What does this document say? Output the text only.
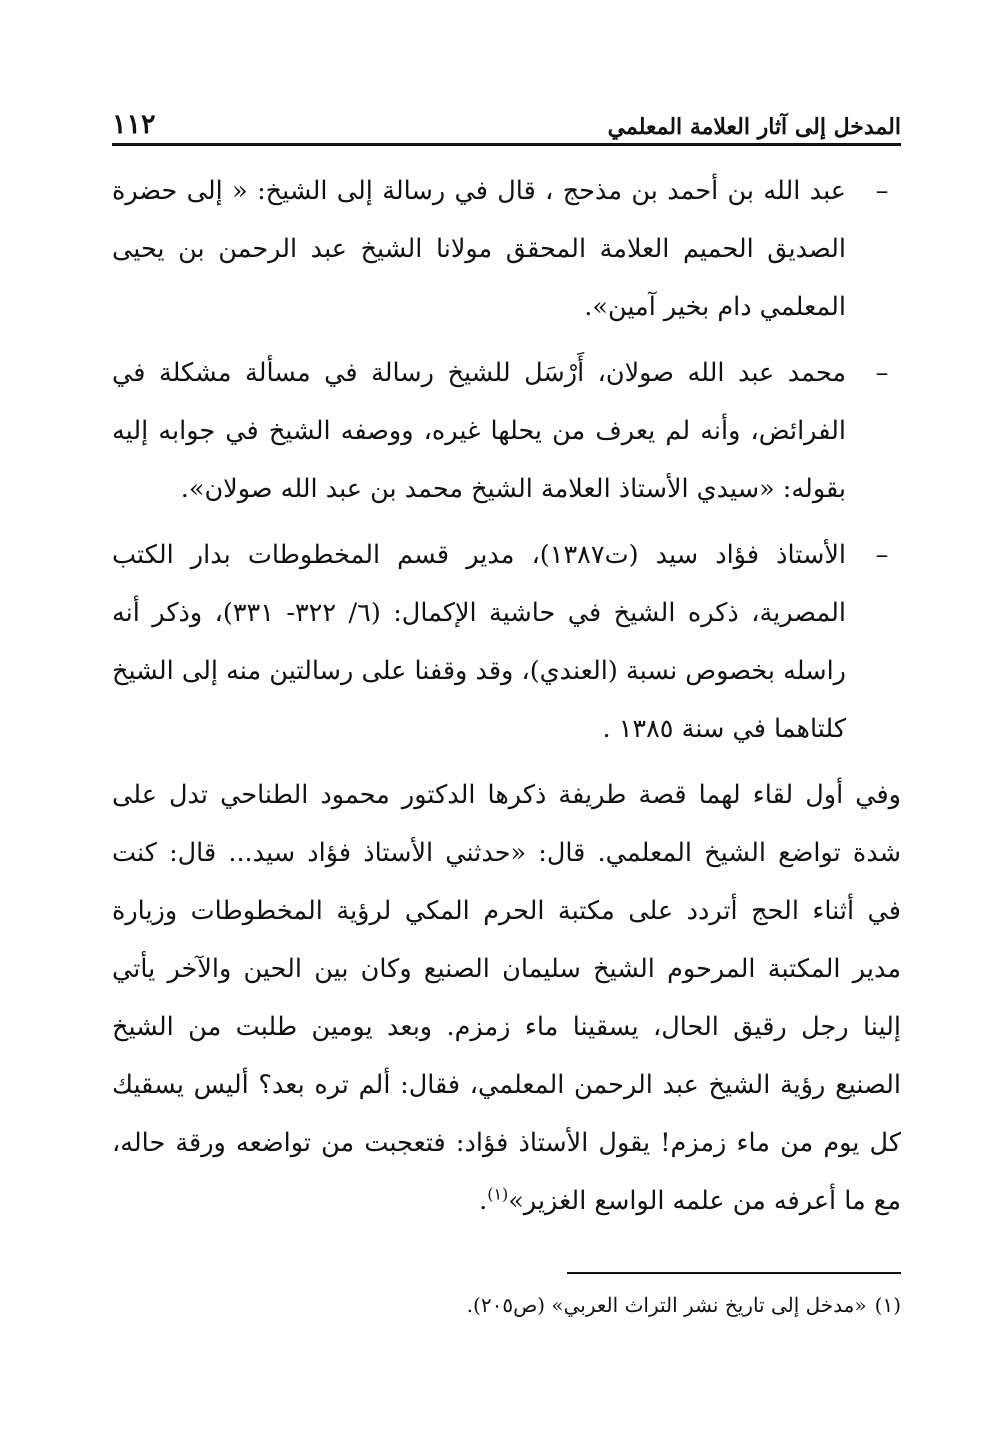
المدخل إلى آثار العلامة المعلمي
١١٢
–

عبد الله بن أحمد بن مذحج ، قال في رسالة إلى الشيخ: « إلى حضرة الصديق الحميم العلامة المحقق مولانا الشيخ عبد الرحمن بن يحيى المعلمي دام بخير آمين».

–

محمد عبد الله صولان، أَرْسَل للشيخ رسالة في مسألة مشكلة في الفرائض، وأنه لم يعرف من يحلها غيره، ووصفه الشيخ في جوابه إليه بقوله: «سيدي الأستاذ العلامة الشيخ محمد بن عبد الله صولان».

–

الأستاذ فؤاد سيد (ت١٣٨٧)، مدير قسم المخطوطات بدار الكتب المصرية، ذكره الشيخ في حاشية الإكمال: (٦/ ٣٢٢- ٣٣١)، وذكر أنه راسله بخصوص نسبة (العندي)، وقد وقفنا على رسالتين منه إلى الشيخ كلتاهما في سنة ١٣٨٥ .

وفي أول لقاء لهما قصة طريفة ذكرها الدكتور محمود الطناحي تدل على شدة تواضع الشيخ المعلمي. قال: «حدثني الأستاذ فؤاد سيد... قال: كنت في أثناء الحج أتردد على مكتبة الحرم المكي لرؤية المخطوطات وزيارة مدير المكتبة المرحوم الشيخ سليمان الصنيع وكان بين الحين والآخر يأتي إلينا رجل رقيق الحال، يسقينا ماء زمزم. وبعد يومين طلبت من الشيخ الصنيع رؤية الشيخ عبد الرحمن المعلمي، فقال: ألم تره بعد؟ أليس يسقيك كل يوم من ماء زمزم! يقول الأستاذ فؤاد: فتعجبت من تواضعه ورقة حاله، مع ما أعرفه من علمه الواسع الغزير»$^{(١)}$.

(١)«مدخل إلى تاريخ نشر التراث العربي» (ص٢٠٥).
